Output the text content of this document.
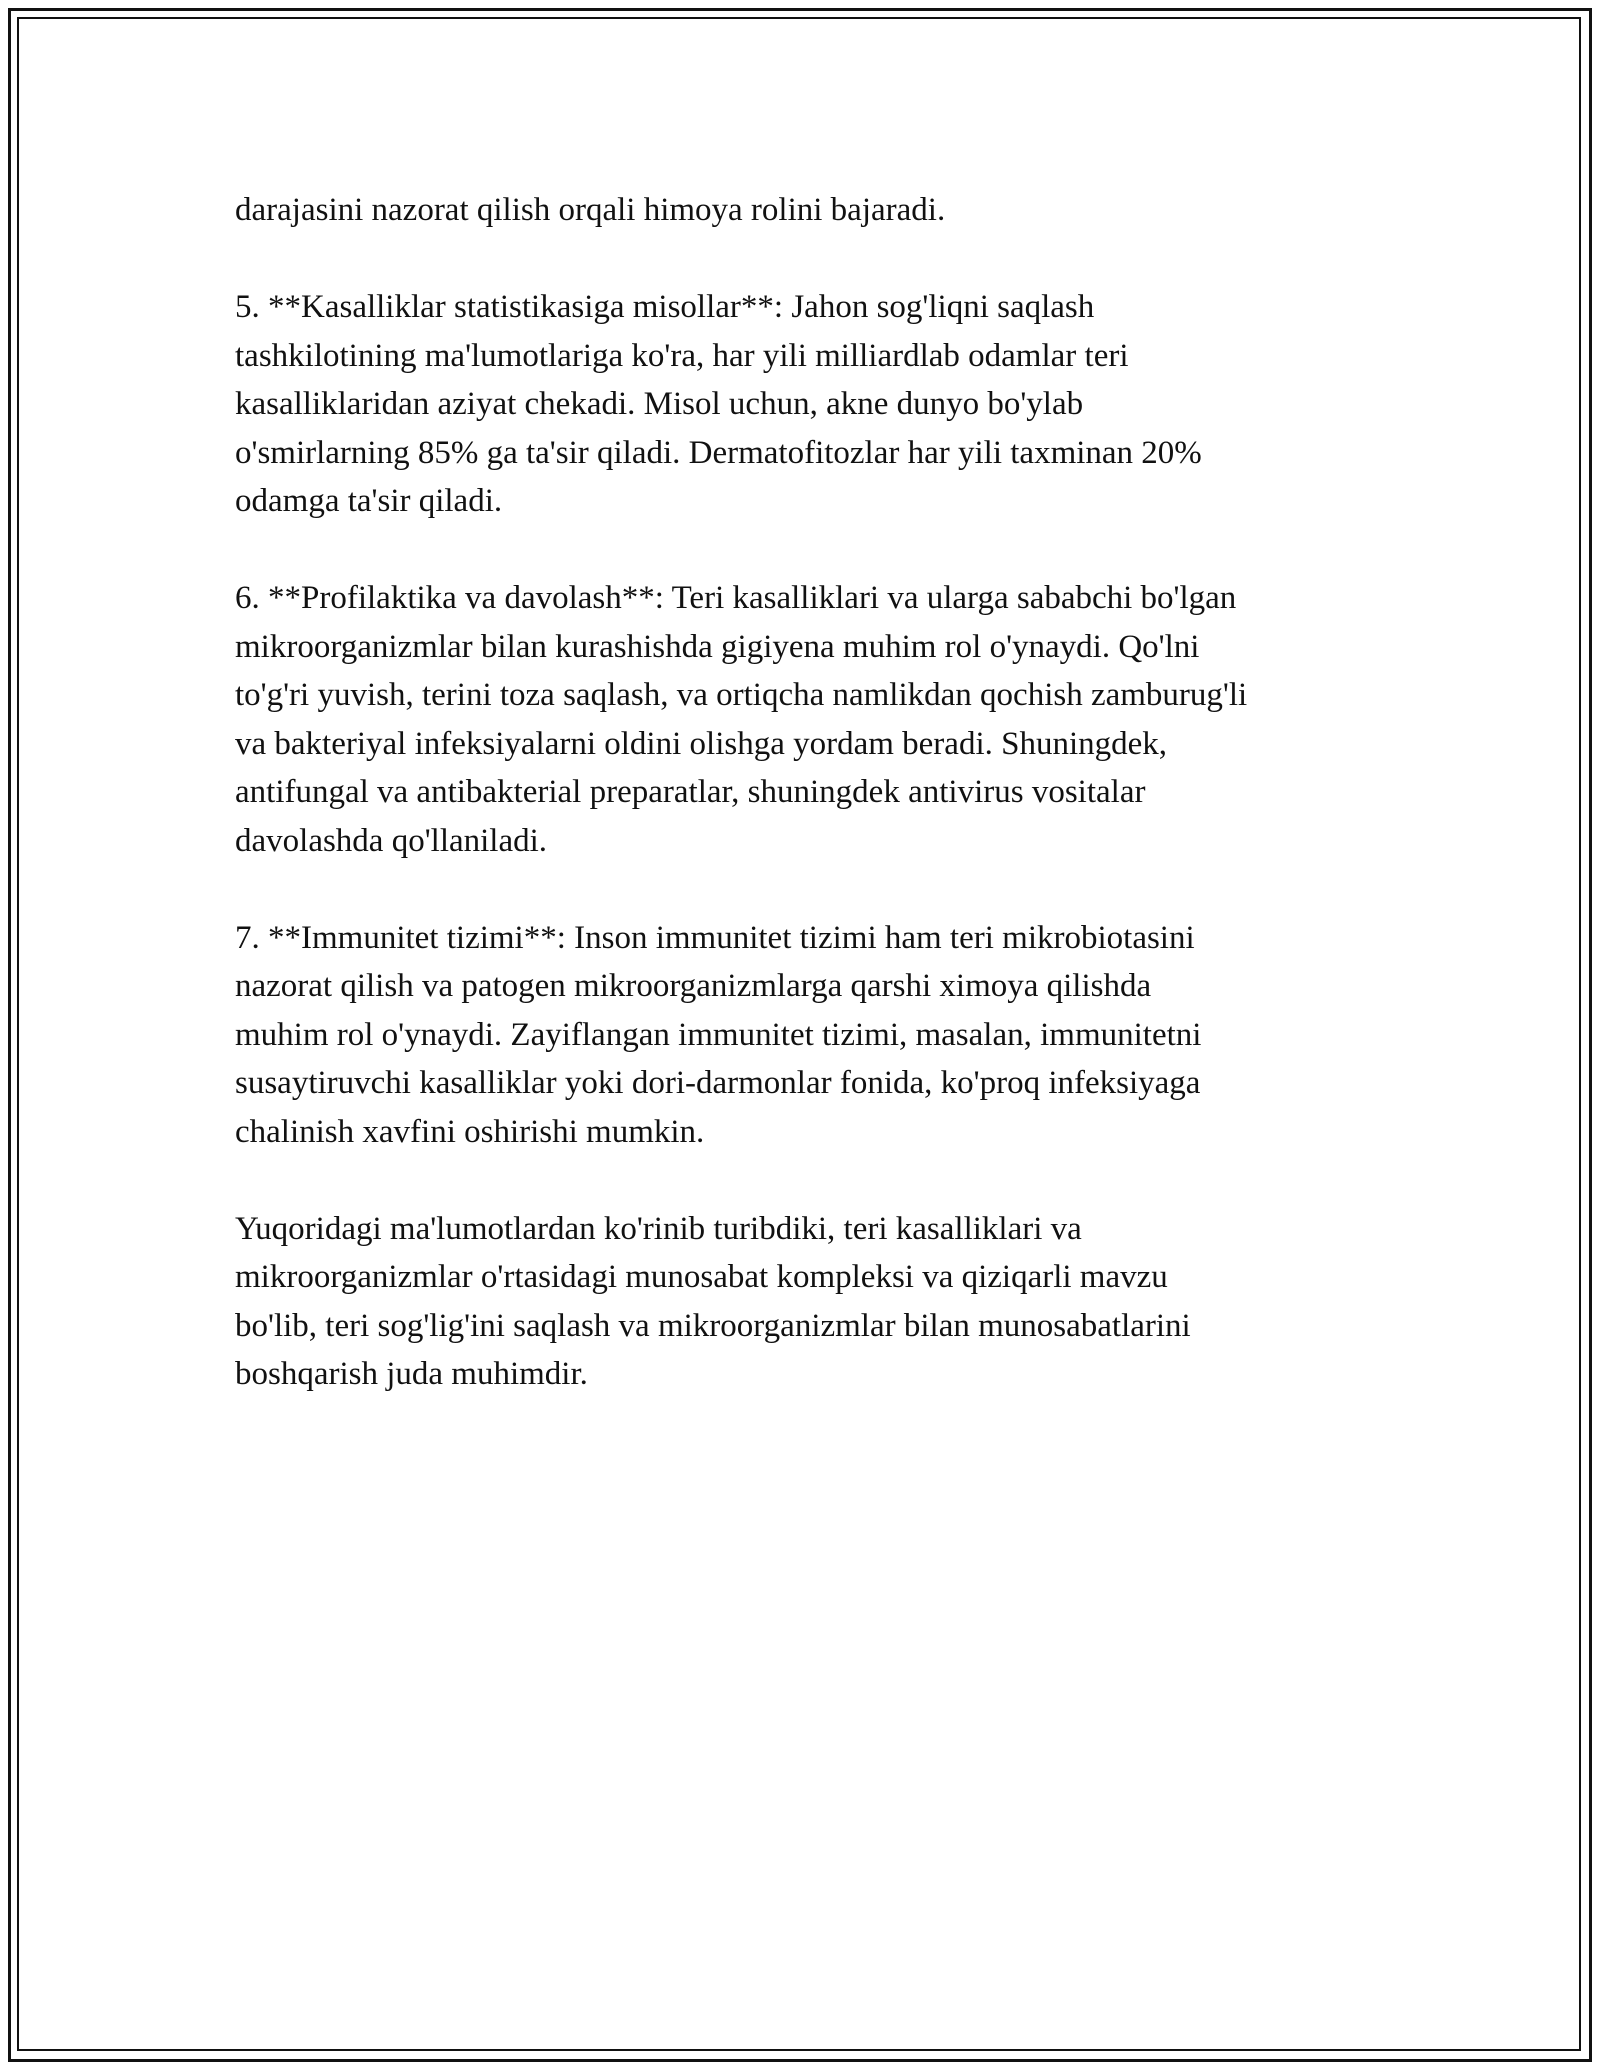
darajasini nazorat qilish orqali himoya rolini bajaradi.

5. **Kasalliklar statistikasiga misollar**: Jahon sog'liqni saqlash
tashkilotining ma'lumotlariga ko'ra, har yili milliardlab odamlar teri
kasalliklaridan aziyat chekadi. Misol uchun, akne dunyo bo'ylab
o'smirlarning 85% ga ta'sir qiladi. Dermatofitozlar har yili taxminan 20%
odamga ta'sir qiladi.

6. **Profilaktika va davolash**: Teri kasalliklari va ularga sababchi bo'lgan
mikroorganizmlar bilan kurashishda gigiyena muhim rol o'ynaydi. Qo'lni
to'g'ri yuvish, terini toza saqlash, va ortiqcha namlikdan qochish zamburug'li
va bakteriyal infeksiyalarni oldini olishga yordam beradi. Shuningdek,
antifungal va antibakterial preparatlar, shuningdek antivirus vositalar
davolashda qo'llaniladi.

7. **Immunitet tizimi**: Inson immunitet tizimi ham teri mikrobiotasini
nazorat qilish va patogen mikroorganizmlarga qarshi ximoya qilishda
muhim rol o'ynaydi. Zayiflangan immunitet tizimi, masalan, immunitetni
susaytiruvchi kasalliklar yoki dori-darmonlar fonida, ko'proq infeksiyaga
chalinish xavfini oshirishi mumkin.

Yuqoridagi ma'lumotlardan ko'rinib turibdiki, teri kasalliklari va
mikroorganizmlar o'rtasidagi munosabat kompleksi va qiziqarli mavzu
bo'lib, teri sog'lig'ini saqlash va mikroorganizmlar bilan munosabatlarini
boshqarish juda muhimdir.
